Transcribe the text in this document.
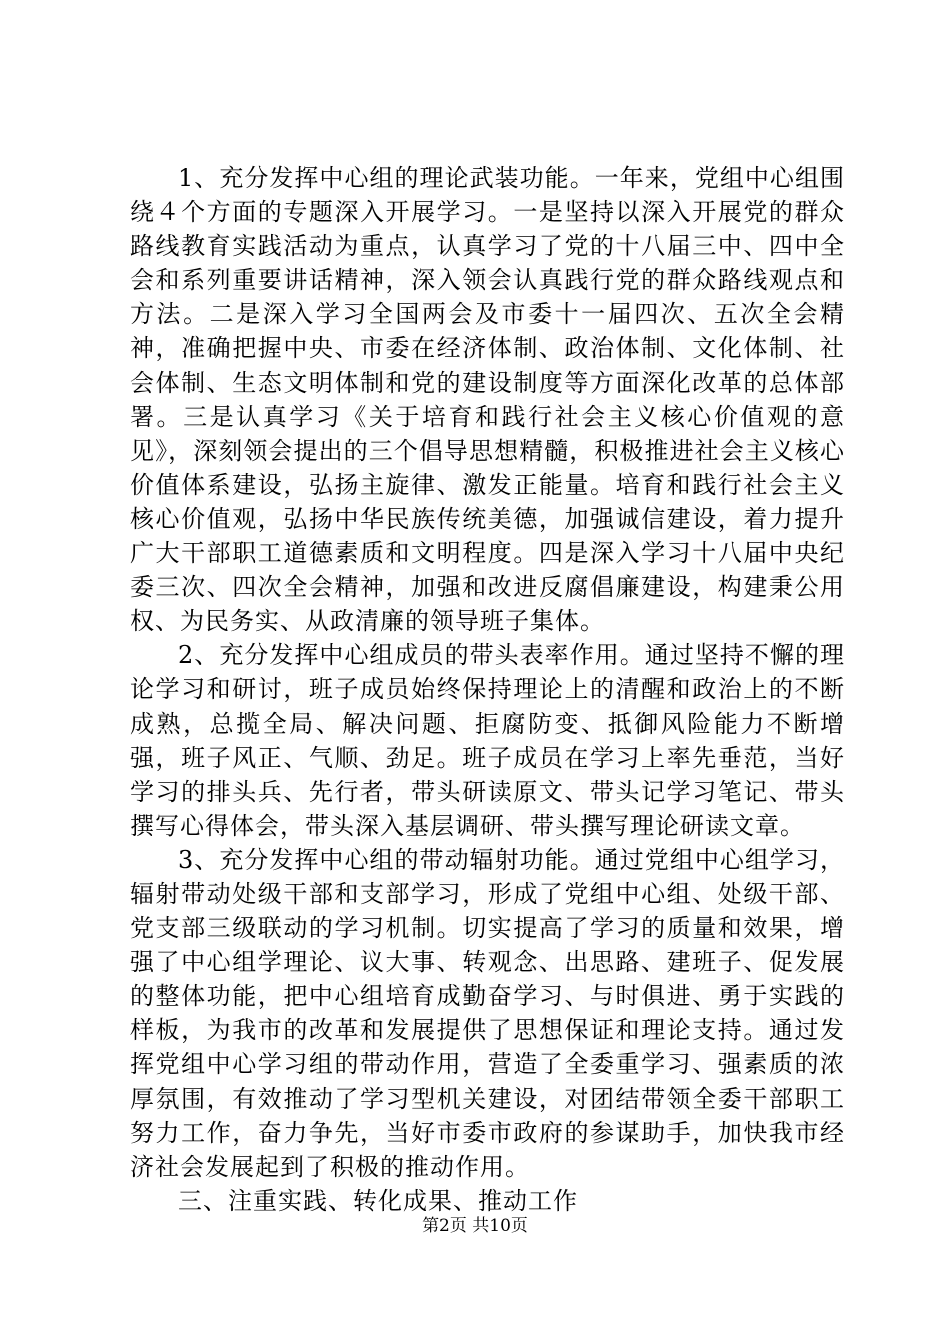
1、充分发挥中心组的理论武装功能。一年来，党组中心组围绕４个方面的专题深入开展学习。一是坚持以深入开展党的群众路线教育实践活动为重点，认真学习了党的十八届三中、四中全会和系列重要讲话精神，深入领会认真践行党的群众路线观点和方法。二是深入学习全国两会及市委十一届四次、五次全会精神，准确把握中央、市委在经济体制、政治体制、文化体制、社会体制、生态文明体制和党的建设制度等方面深化改革的总体部署。三是认真学习《关于培育和践行社会主义核心价值观的意见》，深刻领会提出的三个倡导思想精髓，积极推进社会主义核心价值体系建设，弘扬主旋律、激发正能量。培育和践行社会主义核心价值观，弘扬中华民族传统美德，加强诚信建设，着力提升广大干部职工道德素质和文明程度。四是深入学习十八届中央纪委三次、四次全会精神，加强和改进反腐倡廉建设，构建秉公用权、为民务实、从政清廉的领导班子集体。

2、充分发挥中心组成员的带头表率作用。通过坚持不懈的理论学习和研讨，班子成员始终保持理论上的清醒和政治上的不断成熟，总揽全局、解决问题、拒腐防变、抵御风险能力不断增强，班子风正、气顺、劲足。班子成员在学习上率先垂范，当好学习的排头兵、先行者，带头研读原文、带头记学习笔记、带头撰写心得体会，带头深入基层调研、带头撰写理论研读文章。

3、充分发挥中心组的带动辐射功能。通过党组中心组学习，辐射带动处级干部和支部学习，形成了党组中心组、处级干部、党支部三级联动的学习机制。切实提高了学习的质量和效果，增强了中心组学理论、议大事、转观念、出思路、建班子、促发展的整体功能，把中心组培育成勤奋学习、与时俱进、勇于实践的样板，为我市的改革和发展提供了思想保证和理论支持。通过发挥党组中心学习组的带动作用，营造了全委重学习、强素质的浓厚氛围，有效推动了学习型机关建设，对团结带领全委干部职工努力工作，奋力争先，当好市委市政府的参谋助手，加快我市经济社会发展起到了积极的推动作用。

三、注重实践、转化成果、推动工作

第2页 共10页
